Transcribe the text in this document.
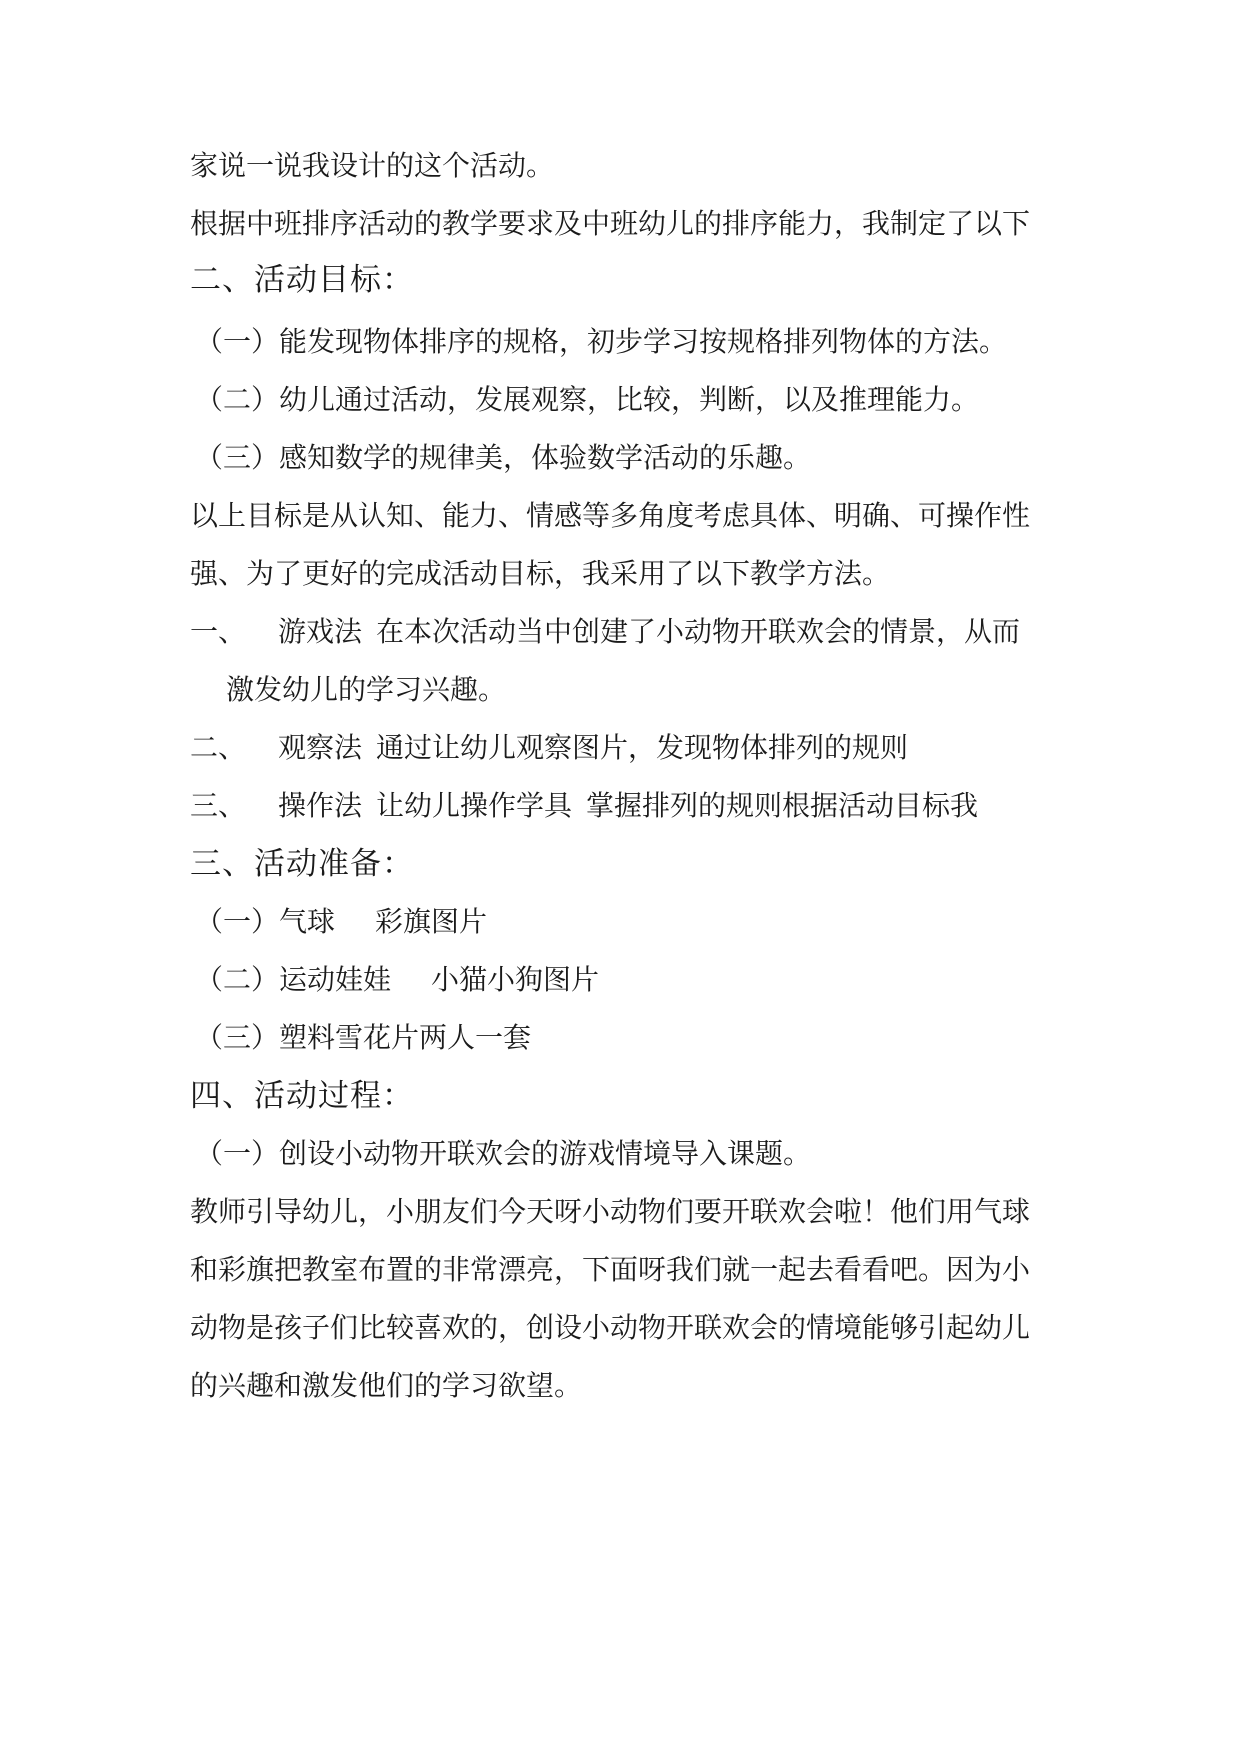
家说一说我设计的这个活动。
根据中班排序活动的教学要求及中班幼儿的排序能力，我制定了以下
二、活动目标：
（一）能发现物体排序的规格，初步学习按规格排列物体的方法。
（二）幼儿通过活动，发展观察，比较，判断，以及推理能力。
（三）感知数学的规律美，体验数学活动的乐趣。
以上目标是从认知、能力、情感等多角度考虑具体、明确、可操作性
强、为了更好的完成活动目标，我采用了以下教学方法。
一、 游戏法 在本次活动当中创建了小动物开联欢会的情景，从而
激发幼儿的学习兴趣。
二、 观察法 通过让幼儿观察图片，发现物体排列的规则
三、 操作法 让幼儿操作学具 掌握排列的规则根据活动目标我
三、活动准备：
（一）气球 彩旗图片
（二）运动娃娃 小猫小狗图片
（三）塑料雪花片两人一套
四、活动过程：
（一）创设小动物开联欢会的游戏情境导入课题。
教师引导幼儿，小朋友们今天呀小动物们要开联欢会啦！他们用气球
和彩旗把教室布置的非常漂亮，下面呀我们就一起去看看吧。因为小
动物是孩子们比较喜欢的，创设小动物开联欢会的情境能够引起幼儿
的兴趣和激发他们的学习欲望。
